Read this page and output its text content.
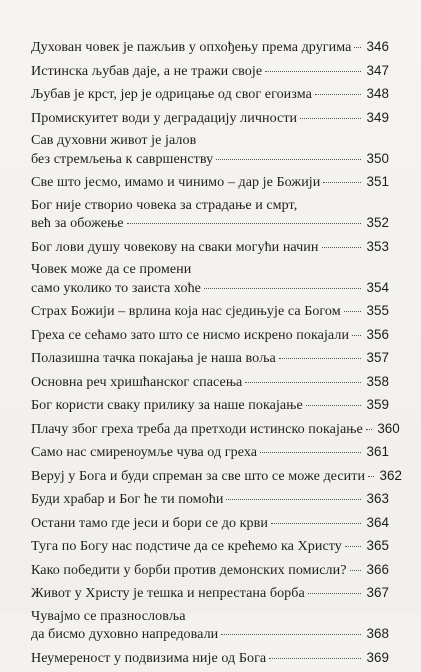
Духован човек је пажљив у опхођењу према другима 346
Истинска љубав даје, а не тражи своје	347
Љубав је крст, јер је одрицање од свог егоизма	348
Промискуитет води у деградацију личности	349
Сав духовни живот је јалов
без стремљења к савршенству	350
Све што јесмо, имамо и чинимо – дар је Божији	351
Бог није створио човека за страдање и смрт,
већ за обожење	352
Бог лови душу човекову на сваки могући начин	353
Човек може да се промени
само уколико то заиста хоће	354
Страх Божији – врлина која нас сједињује са Богом 355
Греха се сећамо зато што се нисмо искрено покајали 356
Полазишна тачка покајања је наша воља	357
Основна реч хришћанског спасења	358
Бог користи сваку прилику за наше покајање	359
Плачу због греха треба да претходи истинско покајање 360
Само нас смиреноумље чува од греха	361
Веруј у Бога и буди спреман за све што се може десити 362
Буди храбар и Бог ће ти помоћи	363
Остани тамо где јеси и бори се до крви	364
Туга по Богу нас подстиче да се крећемо ка Христу 365
Како победити у борби против демонских помисли? 366
Живот у Христу је тешка и непрестана борба	367
Чувајмо се празнословља
да бисмо духовно напредовали	368
Неумереност у подвизима није од Бога	369
